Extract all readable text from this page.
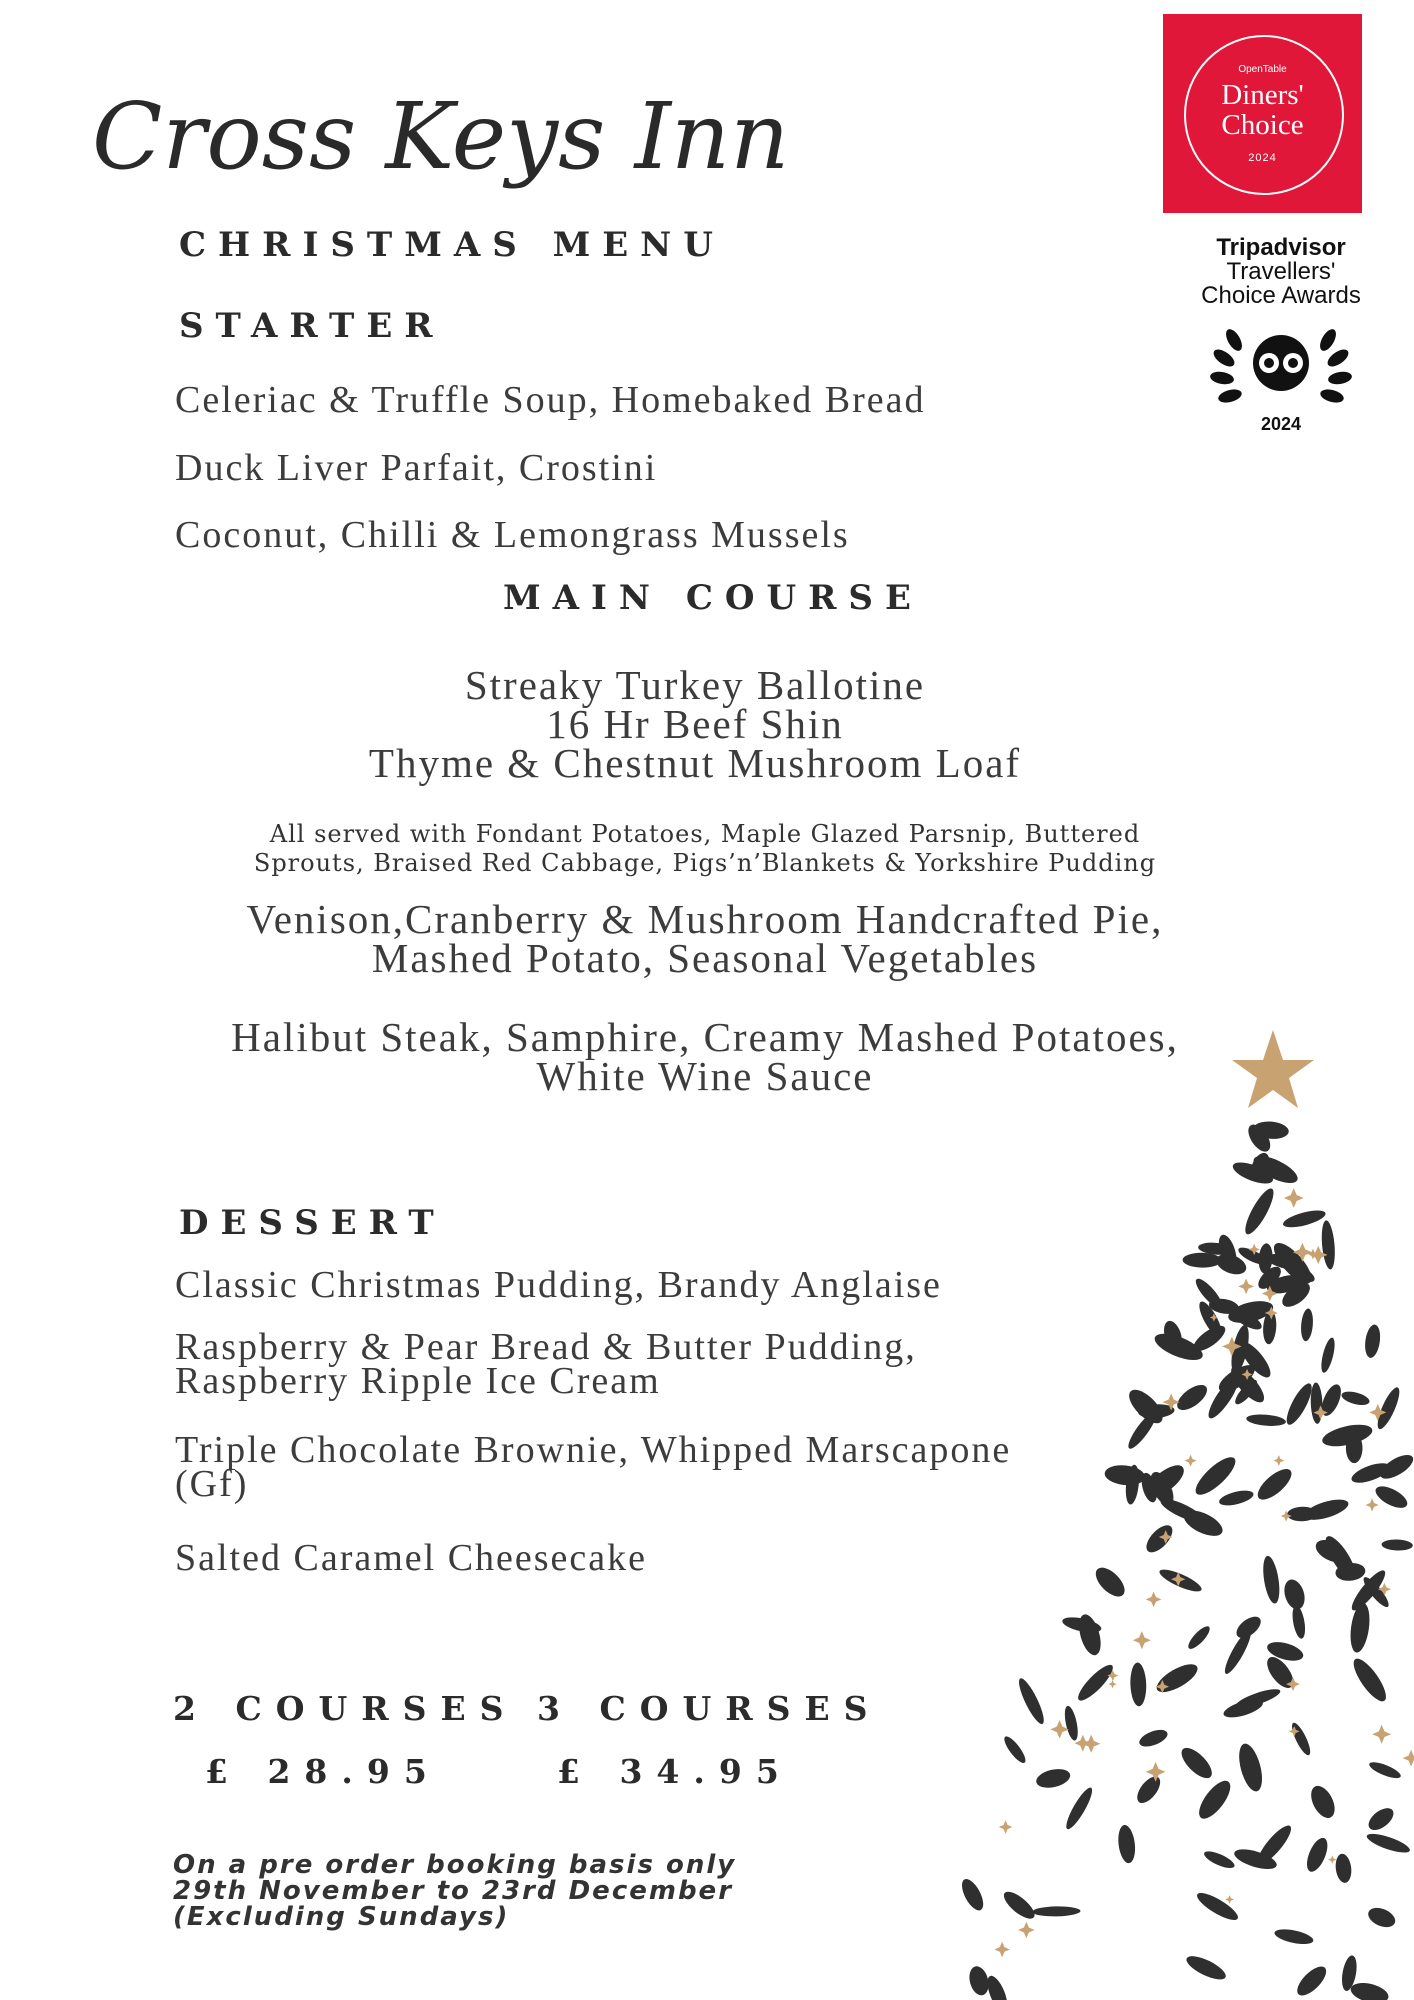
Cross Keys Inn
CHRISTMAS MENU
STARTER
Celeriac & Truffle Soup, Homebaked Bread
Duck Liver Parfait, Crostini
Coconut, Chilli & Lemongrass Mussels
MAIN COURSE
Streaky Turkey Ballotine
16 Hr Beef Shin
Thyme & Chestnut Mushroom Loaf
All served with Fondant Potatoes, Maple Glazed Parsnip, Buttered
Sprouts, Braised Red Cabbage, Pigs’n’Blankets & Yorkshire Pudding
Venison,Cranberry & Mushroom Handcrafted Pie,
Mashed Potato, Seasonal Vegetables
Halibut Steak, Samphire, Creamy Mashed Potatoes,
White Wine Sauce
DESSERT
Classic Christmas Pudding, Brandy Anglaise
Raspberry & Pear Bread & Butter Pudding,
Raspberry Ripple Ice Cream
Triple Chocolate Brownie, Whipped Marscapone
(Gf)
Salted Caramel Cheesecake
2 COURSES 3 COURSES
£ 28.95	£ 34.95
On a pre order booking basis only
29th November to 23rd December
(Excluding Sundays)
OpenTable
Diners'
Choice
2024
Tripadvisor
Travellers'
Choice Awards
2024
